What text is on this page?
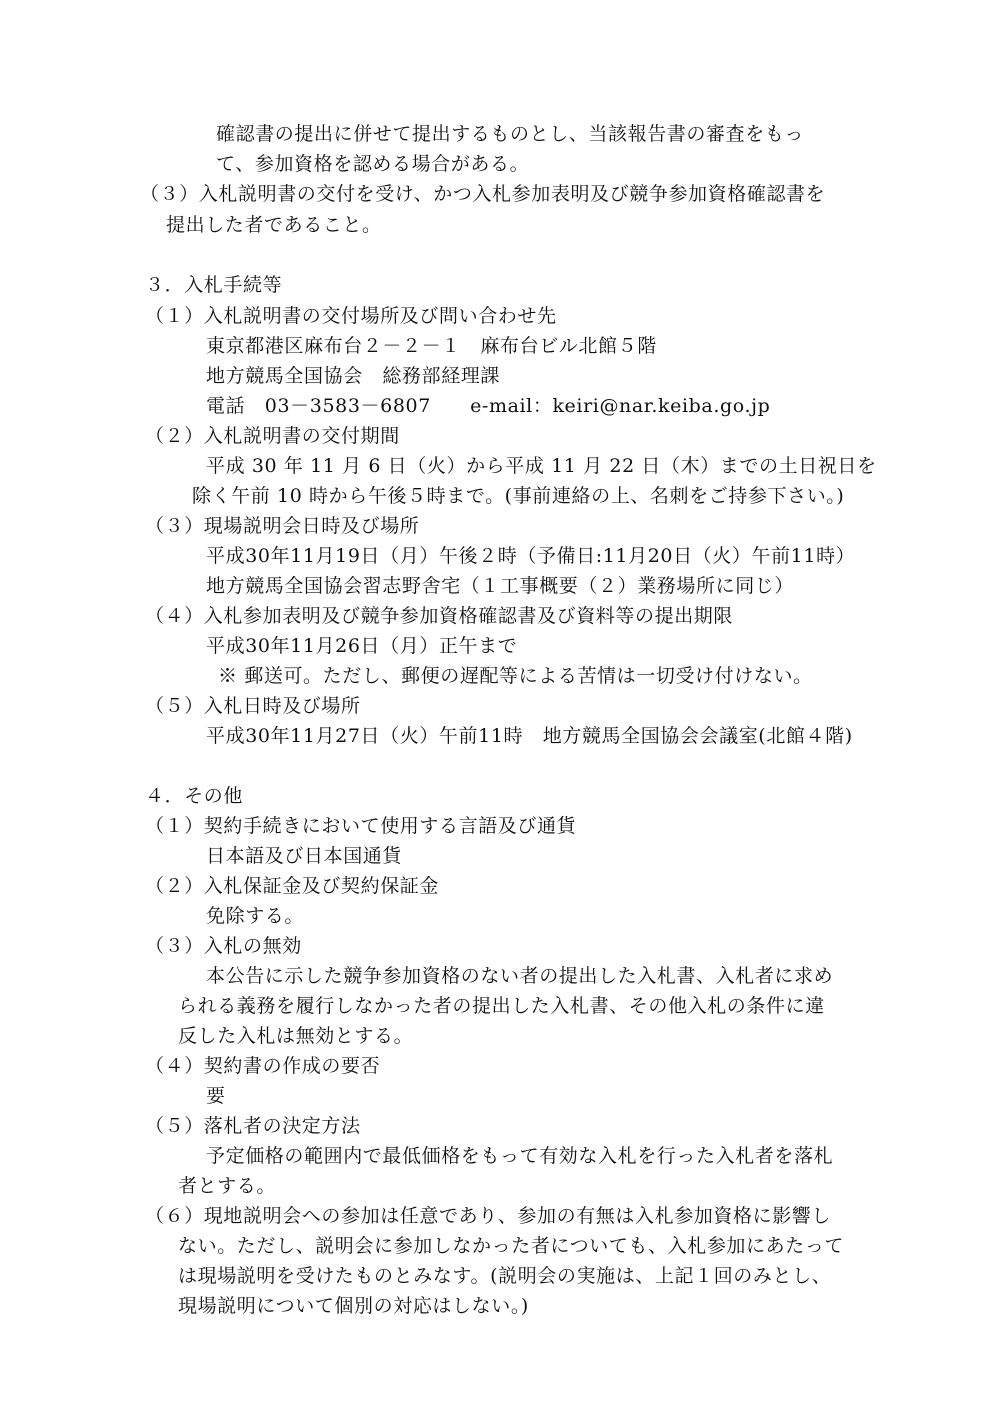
確認書の提出に併せて提出するものとし、当該報告書の審査をもっ
て、参加資格を認める場合がある。
（３）入札説明書の交付を受け、かつ入札参加表明及び競争参加資格確認書を
提出した者であること。
３．入札手続等
（１）入札説明書の交付場所及び問い合わせ先
東京都港区麻布台２－２－１　麻布台ビル北館５階
地方競馬全国協会　総務部経理課
電話　03－3583－6807　　e-mail：keiri@nar.keiba.go.jp
（２）入札説明書の交付期間
平成 30 年 11 月 6 日（火）から平成 11 月 22 日（木）までの土日祝日を
除く午前 10 時から午後５時まで。(事前連絡の上、名刺をご持参下さい。)
（３）現場説明会日時及び場所
平成30年11月19日（月）午後２時（予備日:11月20日（火）午前11時）
地方競馬全国協会習志野舎宅（１工事概要（２）業務場所に同じ）
（４）入札参加表明及び競争参加資格確認書及び資料等の提出期限
平成30年11月26日（月）正午まで
※ 郵送可。ただし、郵便の遅配等による苦情は一切受け付けない。
（５）入札日時及び場所
平成30年11月27日（火）午前11時　地方競馬全国協会会議室(北館４階)
４．その他
（１）契約手続きにおいて使用する言語及び通貨
日本語及び日本国通貨
（２）入札保証金及び契約保証金
免除する。
（３）入札の無効
本公告に示した競争参加資格のない者の提出した入札書、入札者に求め
られる義務を履行しなかった者の提出した入札書、その他入札の条件に違
反した入札は無効とする。
（４）契約書の作成の要否
要
（５）落札者の決定方法
予定価格の範囲内で最低価格をもって有効な入札を行った入札者を落札
者とする。
（６）現地説明会への参加は任意であり、参加の有無は入札参加資格に影響し
ない。ただし、説明会に参加しなかった者についても、入札参加にあたって
は現場説明を受けたものとみなす。(説明会の実施は、上記１回のみとし、
現場説明について個別の対応はしない。)
